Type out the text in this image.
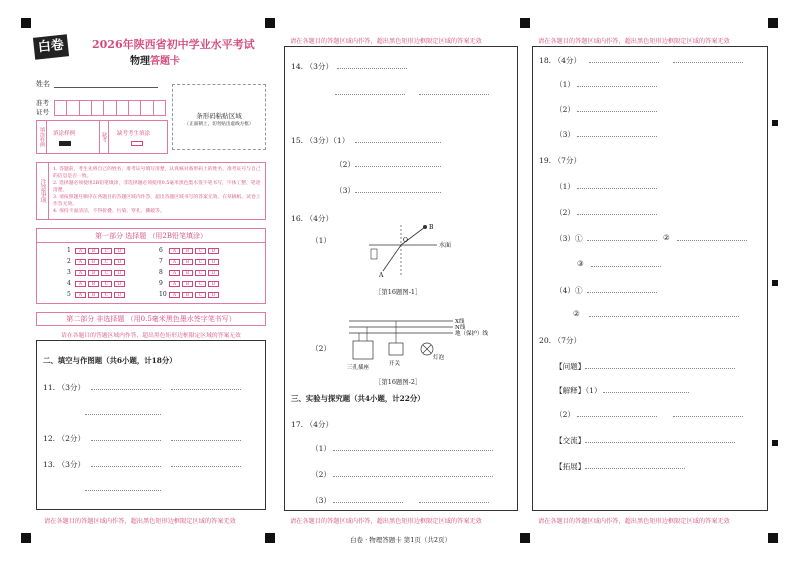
白卷	2026年陕西省初中学业水平考试
物理答题卡
姓名
准考
证号	条形码粘贴区域
（正面朝上，切勿贴出虚线方框）
填涂样例	填涂样例	缺考	缺考考生填涂
注意事项
1. 答题前，考生先将自己的姓名、准考证号填写清楚，认真核对条形码上的姓名、准考证号与自己的信息是否一致。
2. 选择题必须使用2B铅笔填涂，非选择题必须使用0.5毫米黑色墨水签字笔书写，字体工整、笔迹清楚。
3. 请按照题号顺序在各题目的答题区域内作答，超出答题区域书写的答案无效，在草稿纸、试卷上作答无效。
4. 保持卡面清洁，不得折叠、污染、穿孔、撕破等。
第一部分 选择题 （用2B铅笔填涂）
1 A B C D
2 A B C D
3 A B C D
4 A B C D
5 A B C D
6 A B C D
7 A B C D
8 A B C D
9 A B C D
10 A B C D
第二部分 非选择题 （用0.5毫米黑色墨水签字笔书写）
请在各题目的答题区域内作答，超出黑色矩形边框限定区域的答案无效
二、填空与作图题（共6小题，计18分）
11. （3分）
12. （2分）
13. （3分）
请在各题目的答题区域内作答，超出黑色矩形边框限定区域的答案无效
请在各题目的答题区域内作答，超出黑色矩形边框限定区域的答案无效
14. （3分）
15. （3分）（1）
（2）
（3）
16. （4分）
（1）
B
O
水面
A
［第16题图-1］
X线
N线
地（保护）线
三孔插座
开关
灯泡
（2）
［第16题图-2］
三、实验与探究题（共4小题，计22分）
17. （4分）
（1）
（2）
（3）
请在各题目的答题区域内作答，超出黑色矩形边框限定区域的答案无效
请在各题目的答题区域内作答，超出黑色矩形边框限定区域的答案无效
18. （4分）
（1）
（2）
（3）
19. （7分）
（1）
（2）
（3）①	②
③
（4）①
②
20. （7分）
【问题】
【解释】（1）
（2）
【交流】
【拓展】
请在各题目的答题区域内作答，超出黑色矩形边框限定区域的答案无效
白卷 · 物理答题卡 第1页（共2页）
